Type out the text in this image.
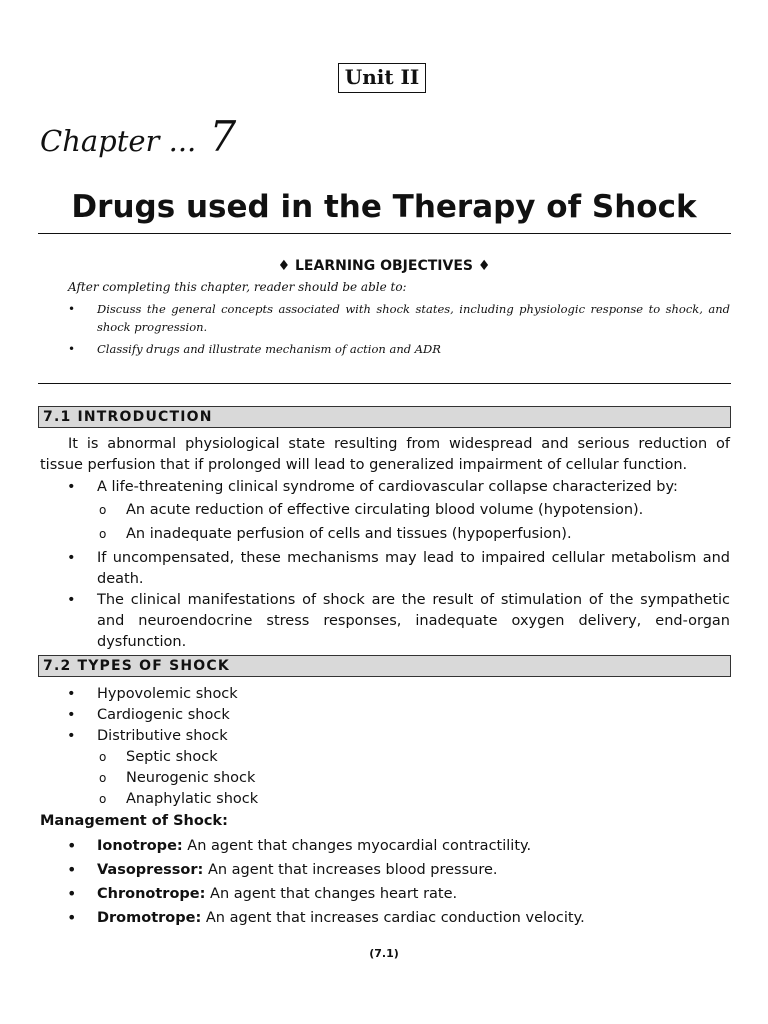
Unit II
Chapter ... 7
Drugs used in the Therapy of Shock
♦ LEARNING OBJECTIVES ♦
After completing this chapter, reader should be able to:
• Discuss the general concepts associated with shock states, including physiologic response to shock, and shock progression.
• Classify drugs and illustrate mechanism of action and ADR
7.1 INTRODUCTION

It is abnormal physiological state resulting from widespread and serious reduction of tissue perfusion that if prolonged will lead to generalized impairment of cellular function.

• A life-threatening clinical syndrome of cardiovascular collapse characterized by:
o An acute reduction of effective circulating blood volume (hypotension).
o An inadequate perfusion of cells and tissues (hypoperfusion).
• If uncompensated, these mechanisms may lead to impaired cellular metabolism and death.
• The clinical manifestations of shock are the result of stimulation of the sympathetic and neuroendocrine stress responses, inadequate oxygen delivery, end-organ dysfunction.
7.2 TYPES OF SHOCK
• Hypovolemic shock
• Cardiogenic shock
• Distributive shock
o Septic shock
o Neurogenic shock
o Anaphylatic shock
Management of Shock:
• Ionotrope: An agent that changes myocardial contractility.
• Vasopressor: An agent that increases blood pressure.
• Chronotrope: An agent that changes heart rate.
• Dromotrope: An agent that increases cardiac conduction velocity.
(7.1)
